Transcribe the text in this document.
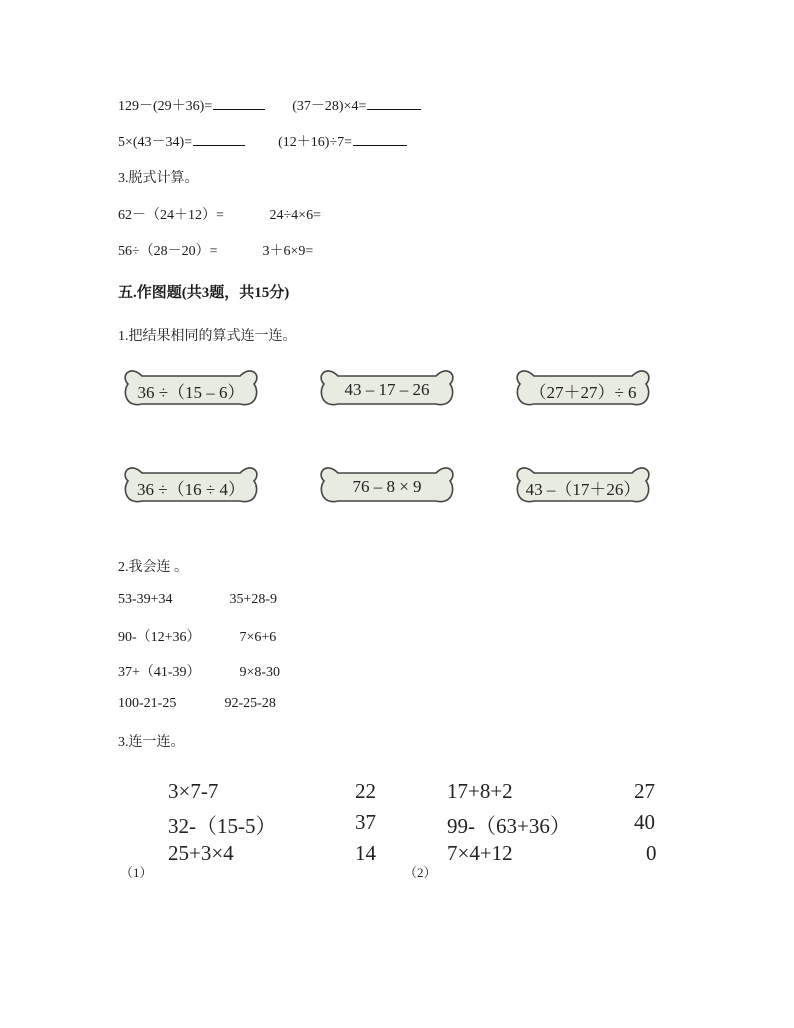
129－(29＋36)=	(37－28)×4=
5×(43－34)=	(12＋16)÷7=
3.脱式计算。
62－（24＋12）=	24÷4×6=
56÷（28－20）=	3＋6×9=
五.作图题(共3题，共15分)
1.把结果相同的算式连一连。
36 ÷（15 – 6）	43 – 17 – 26	（27＋27）÷ 6
36 ÷（16 ÷ 4）	76 – 8 × 9	43 –（17＋26）
2.我会连 。
53-39+34	35+28-9
90-（12+36）	7×6+6
37+（41-39）	9×8-30
100-21-25	92-25-28
3.连一连。
3×7-7
32-（15-5）
25+3×4
22
37
14
（1）
17+8+2
99-（63+36）
7×4+12
27
40
0
（2）
